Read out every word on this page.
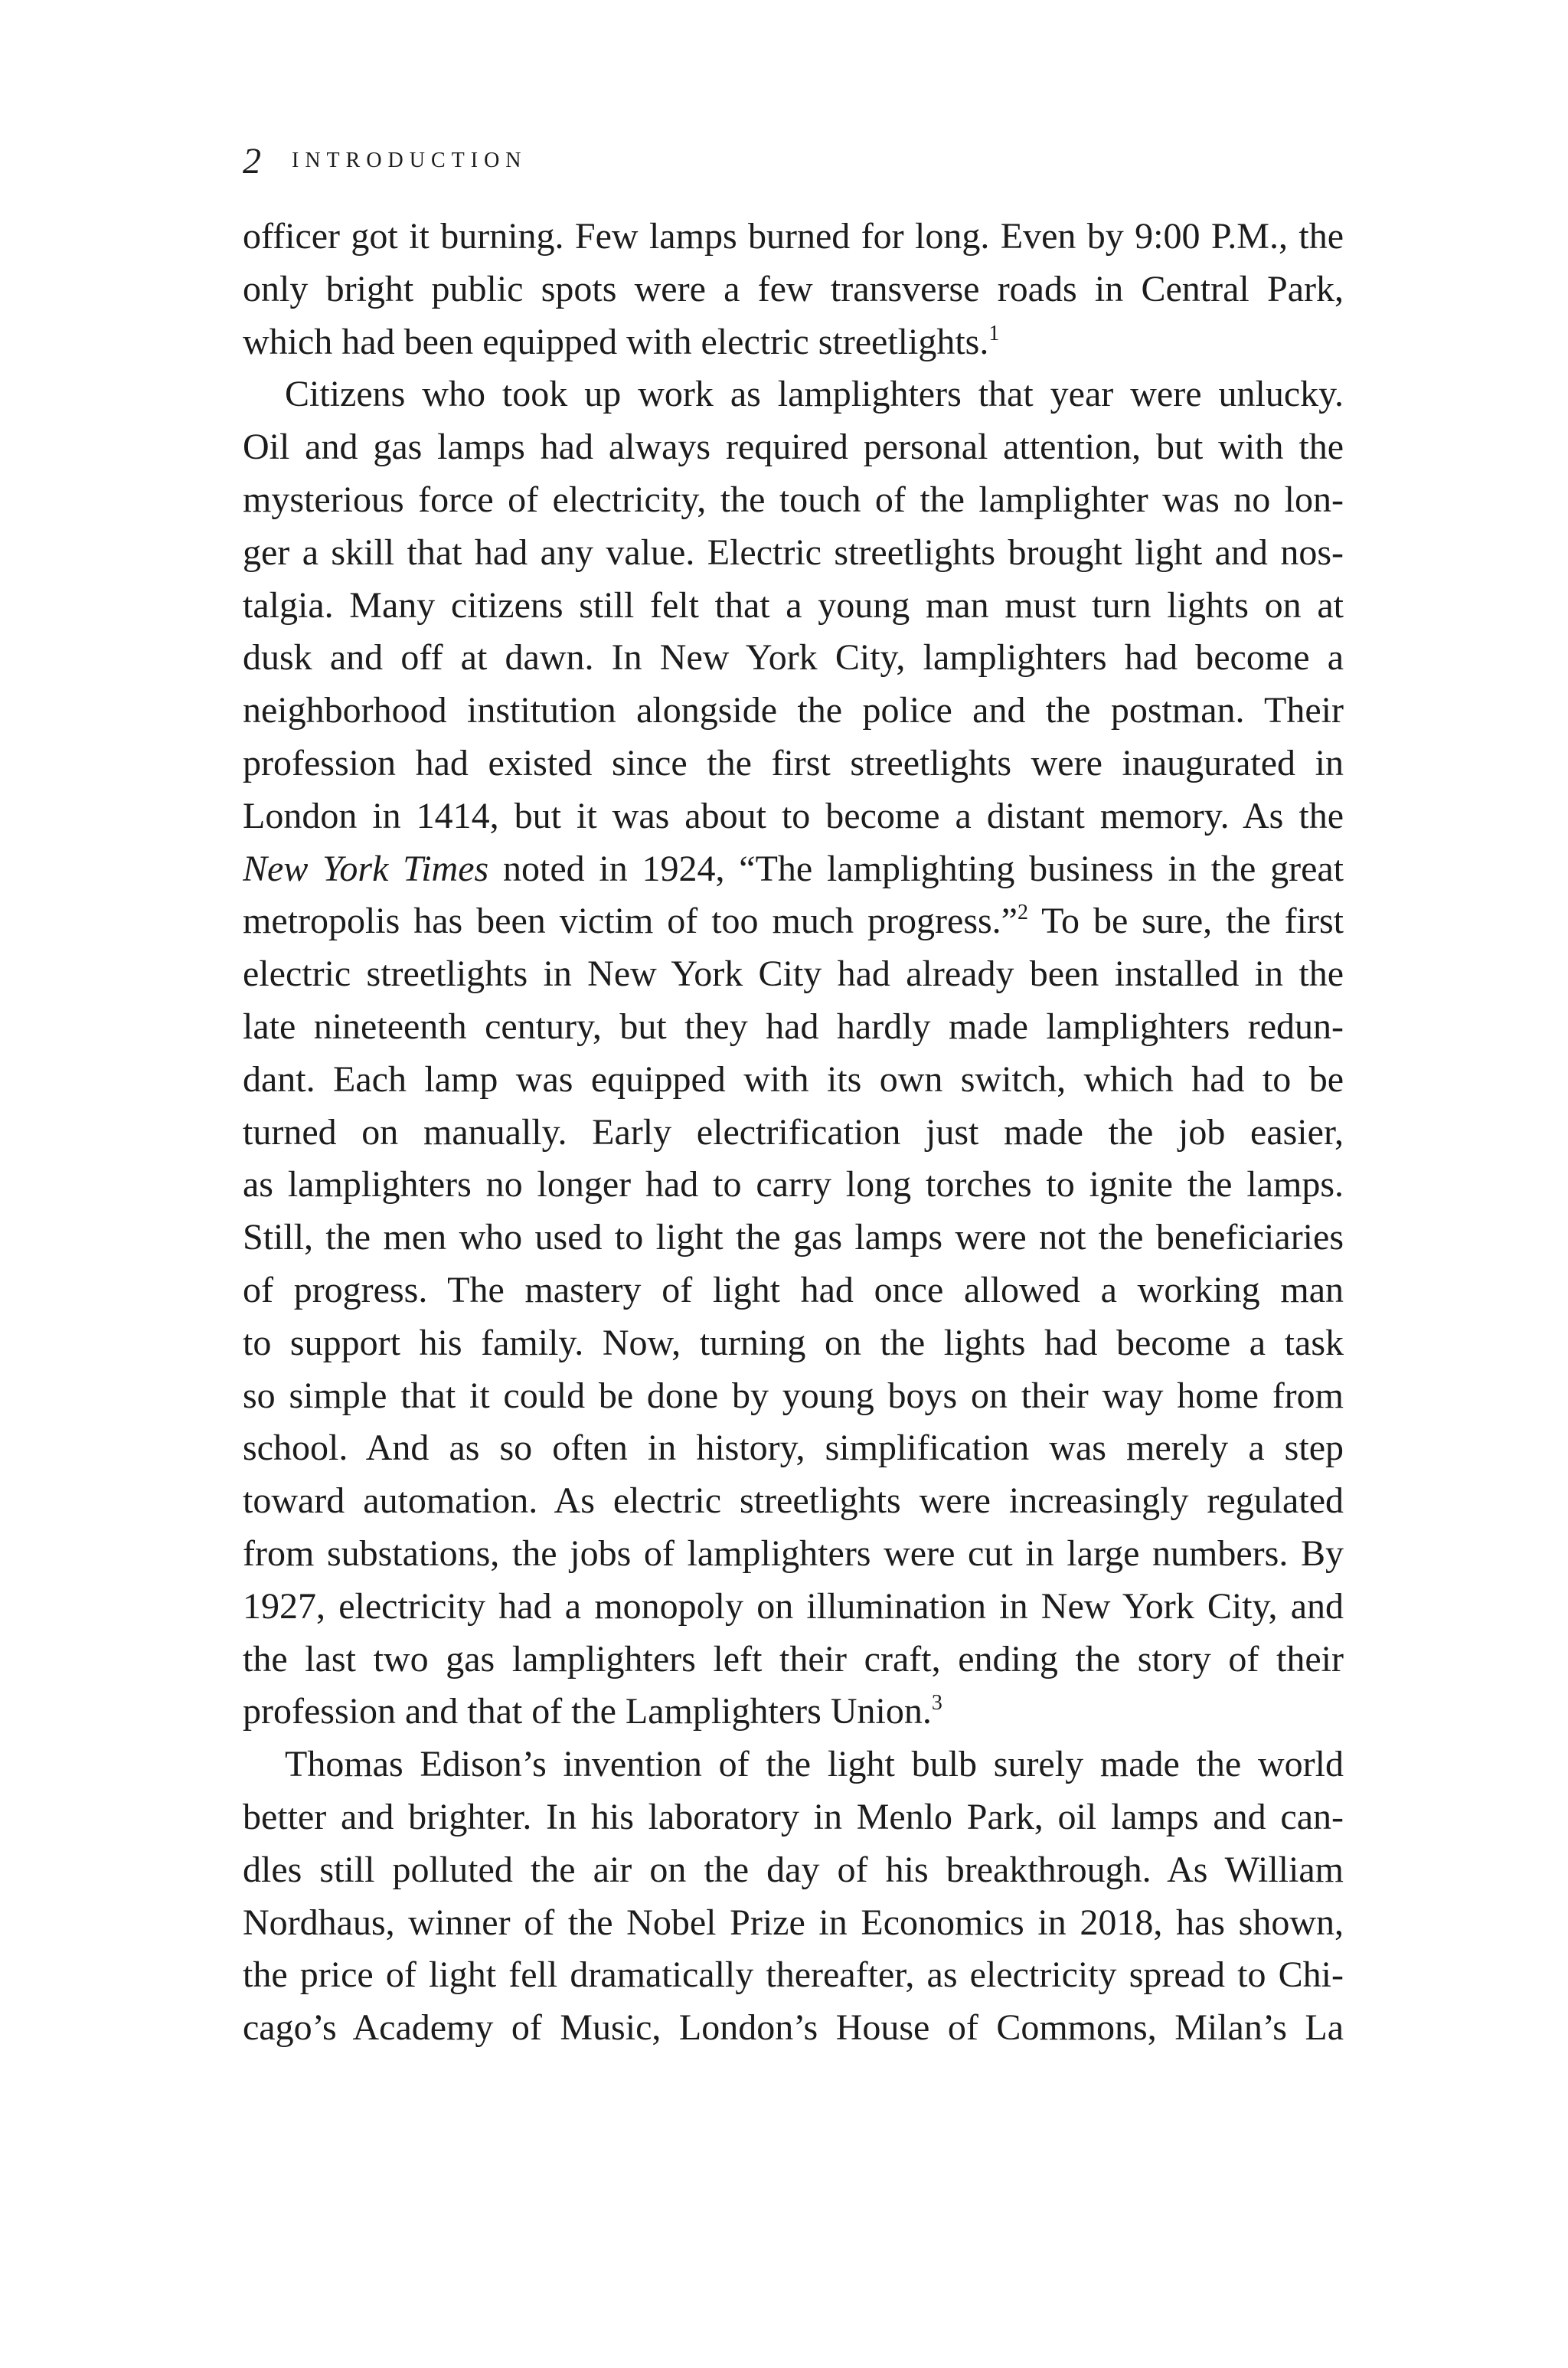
2 INTRODUCTION
officer got it burning. Few lamps burned for long. Even by 9:00 P.M., the
only bright public spots were a few transverse roads in Central Park,
which had been equipped with electric streetlights.$^1$
Citizens who took up work as lamplighters that year were unlucky.
Oil and gas lamps had always required personal attention, but with the
mysterious force of electricity, the touch of the lamplighter was no lon-
ger a skill that had any value. Electric streetlights brought light and nos-
talgia. Many citizens still felt that a young man must turn lights on at
dusk and off at dawn. In New York City, lamplighters had become a
neighborhood institution alongside the police and the postman. Their
profession had existed since the first streetlights were inaugurated in
London in 1414, but it was about to become a distant memory. As the
New York Times noted in 1924, “The lamplighting business in the great
metropolis has been victim of too much progress.”$^2$ To be sure, the first
electric streetlights in New York City had already been installed in the
late nineteenth century, but they had hardly made lamplighters redun-
dant. Each lamp was equipped with its own switch, which had to be
turned on manually. Early electrification just made the job easier,
as lamplighters no longer had to carry long torches to ignite the lamps.
Still, the men who used to light the gas lamps were not the beneficiaries
of progress. The mastery of light had once allowed a working man
to support his family. Now, turning on the lights had become a task
so simple that it could be done by young boys on their way home from
school. And as so often in history, simplification was merely a step
toward automation. As electric streetlights were increasingly regulated
from substations, the jobs of lamplighters were cut in large numbers. By
1927, electricity had a monopoly on illumination in New York City, and
the last two gas lamplighters left their craft, ending the story of their
profession and that of the Lamplighters Union.$^3$
Thomas Edison’s invention of the light bulb surely made the world
better and brighter. In his laboratory in Menlo Park, oil lamps and can-
dles still polluted the air on the day of his breakthrough. As William
Nordhaus, winner of the Nobel Prize in Economics in 2018, has shown,
the price of light fell dramatically thereafter, as electricity spread to Chi-
cago’s Academy of Music, London’s House of Commons, Milan’s La
